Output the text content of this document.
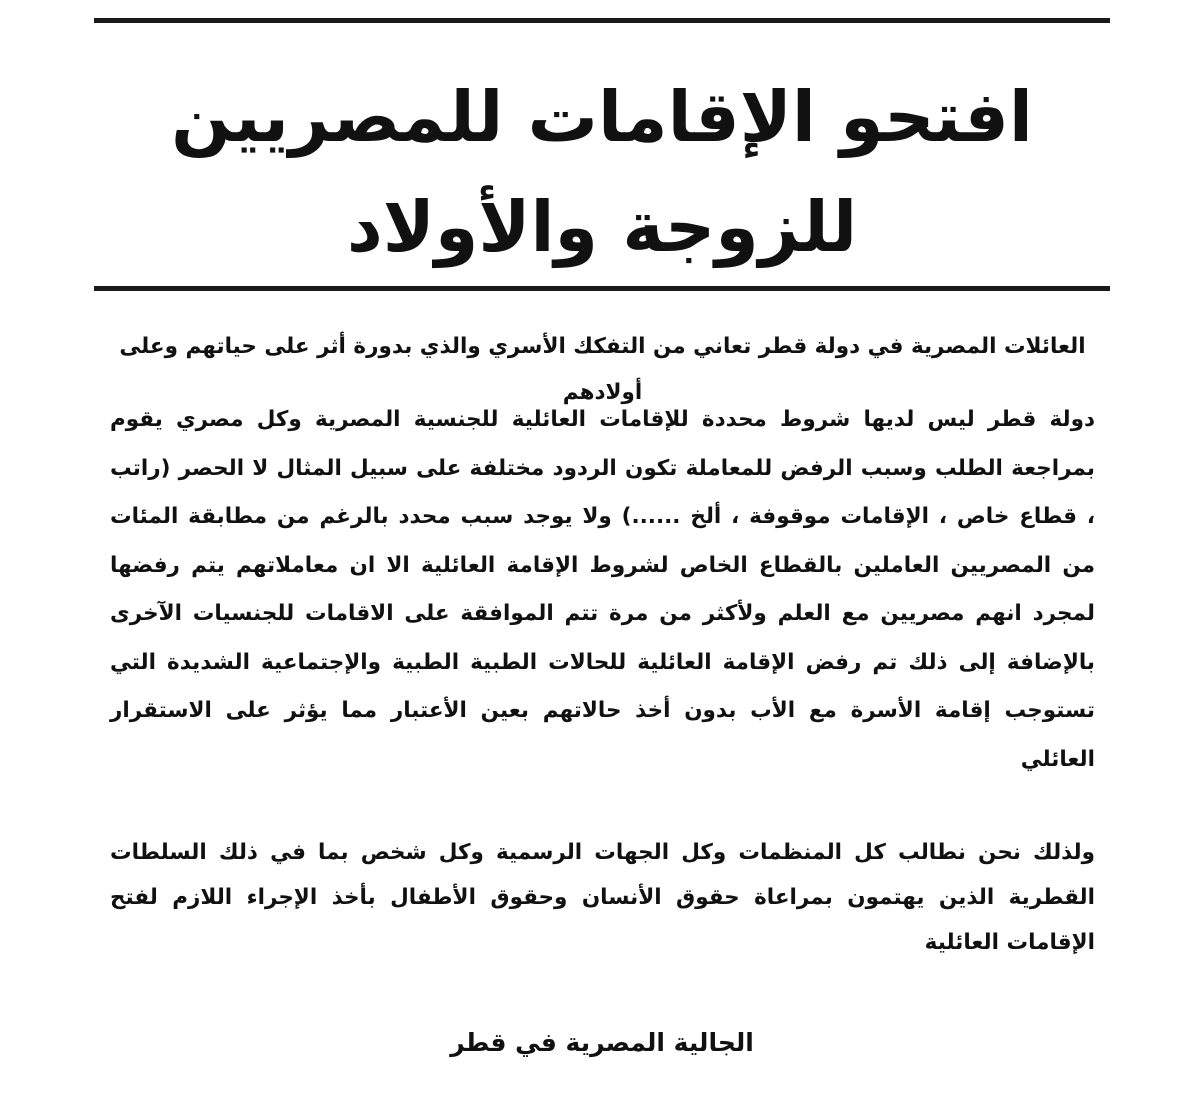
افتحو الإقامات للمصريين
للزوجة والأولاد

العائلات المصرية في دولة قطر تعاني من التفكك الأسري والذي بدورة أثر على حياتهم وعلى أولادهم

دولة قطر ليس لديها شروط محددة للإقامات العائلية للجنسية المصرية وكل مصري يقوم بمراجعة الطلب وسبب الرفض للمعاملة تكون الردود مختلفة على سبيل المثال لا الحصر (راتب ، قطاع خاص ، الإقامات موقوفة ، ألخ ......) ولا يوجد سبب محدد بالرغم من مطابقة المئات من المصريين العاملين بالقطاع الخاص لشروط الإقامة العائلية الا ان معاملاتهم يتم رفضها لمجرد انهم مصريين مع العلم ولأكثر من مرة تتم الموافقة على الاقامات للجنسيات الآخرى بالإضافة إلى ذلك تم رفض الإقامة العائلية للحالات الطبية الطبية والإجتماعية الشديدة التي تستوجب إقامة الأسرة مع الأب بدون أخذ حالاتهم بعين الأعتبار مما يؤثر على الاستقرار العائلي

ولذلك نحن نطالب كل المنظمات وكل الجهات الرسمية وكل شخص بما في ذلك السلطات القطرية الذين يهتمون بمراعاة حقوق الأنسان وحقوق الأطفال بأخذ الإجراء اللازم لفتح الإقامات العائلية

الجالية المصرية في قطر
